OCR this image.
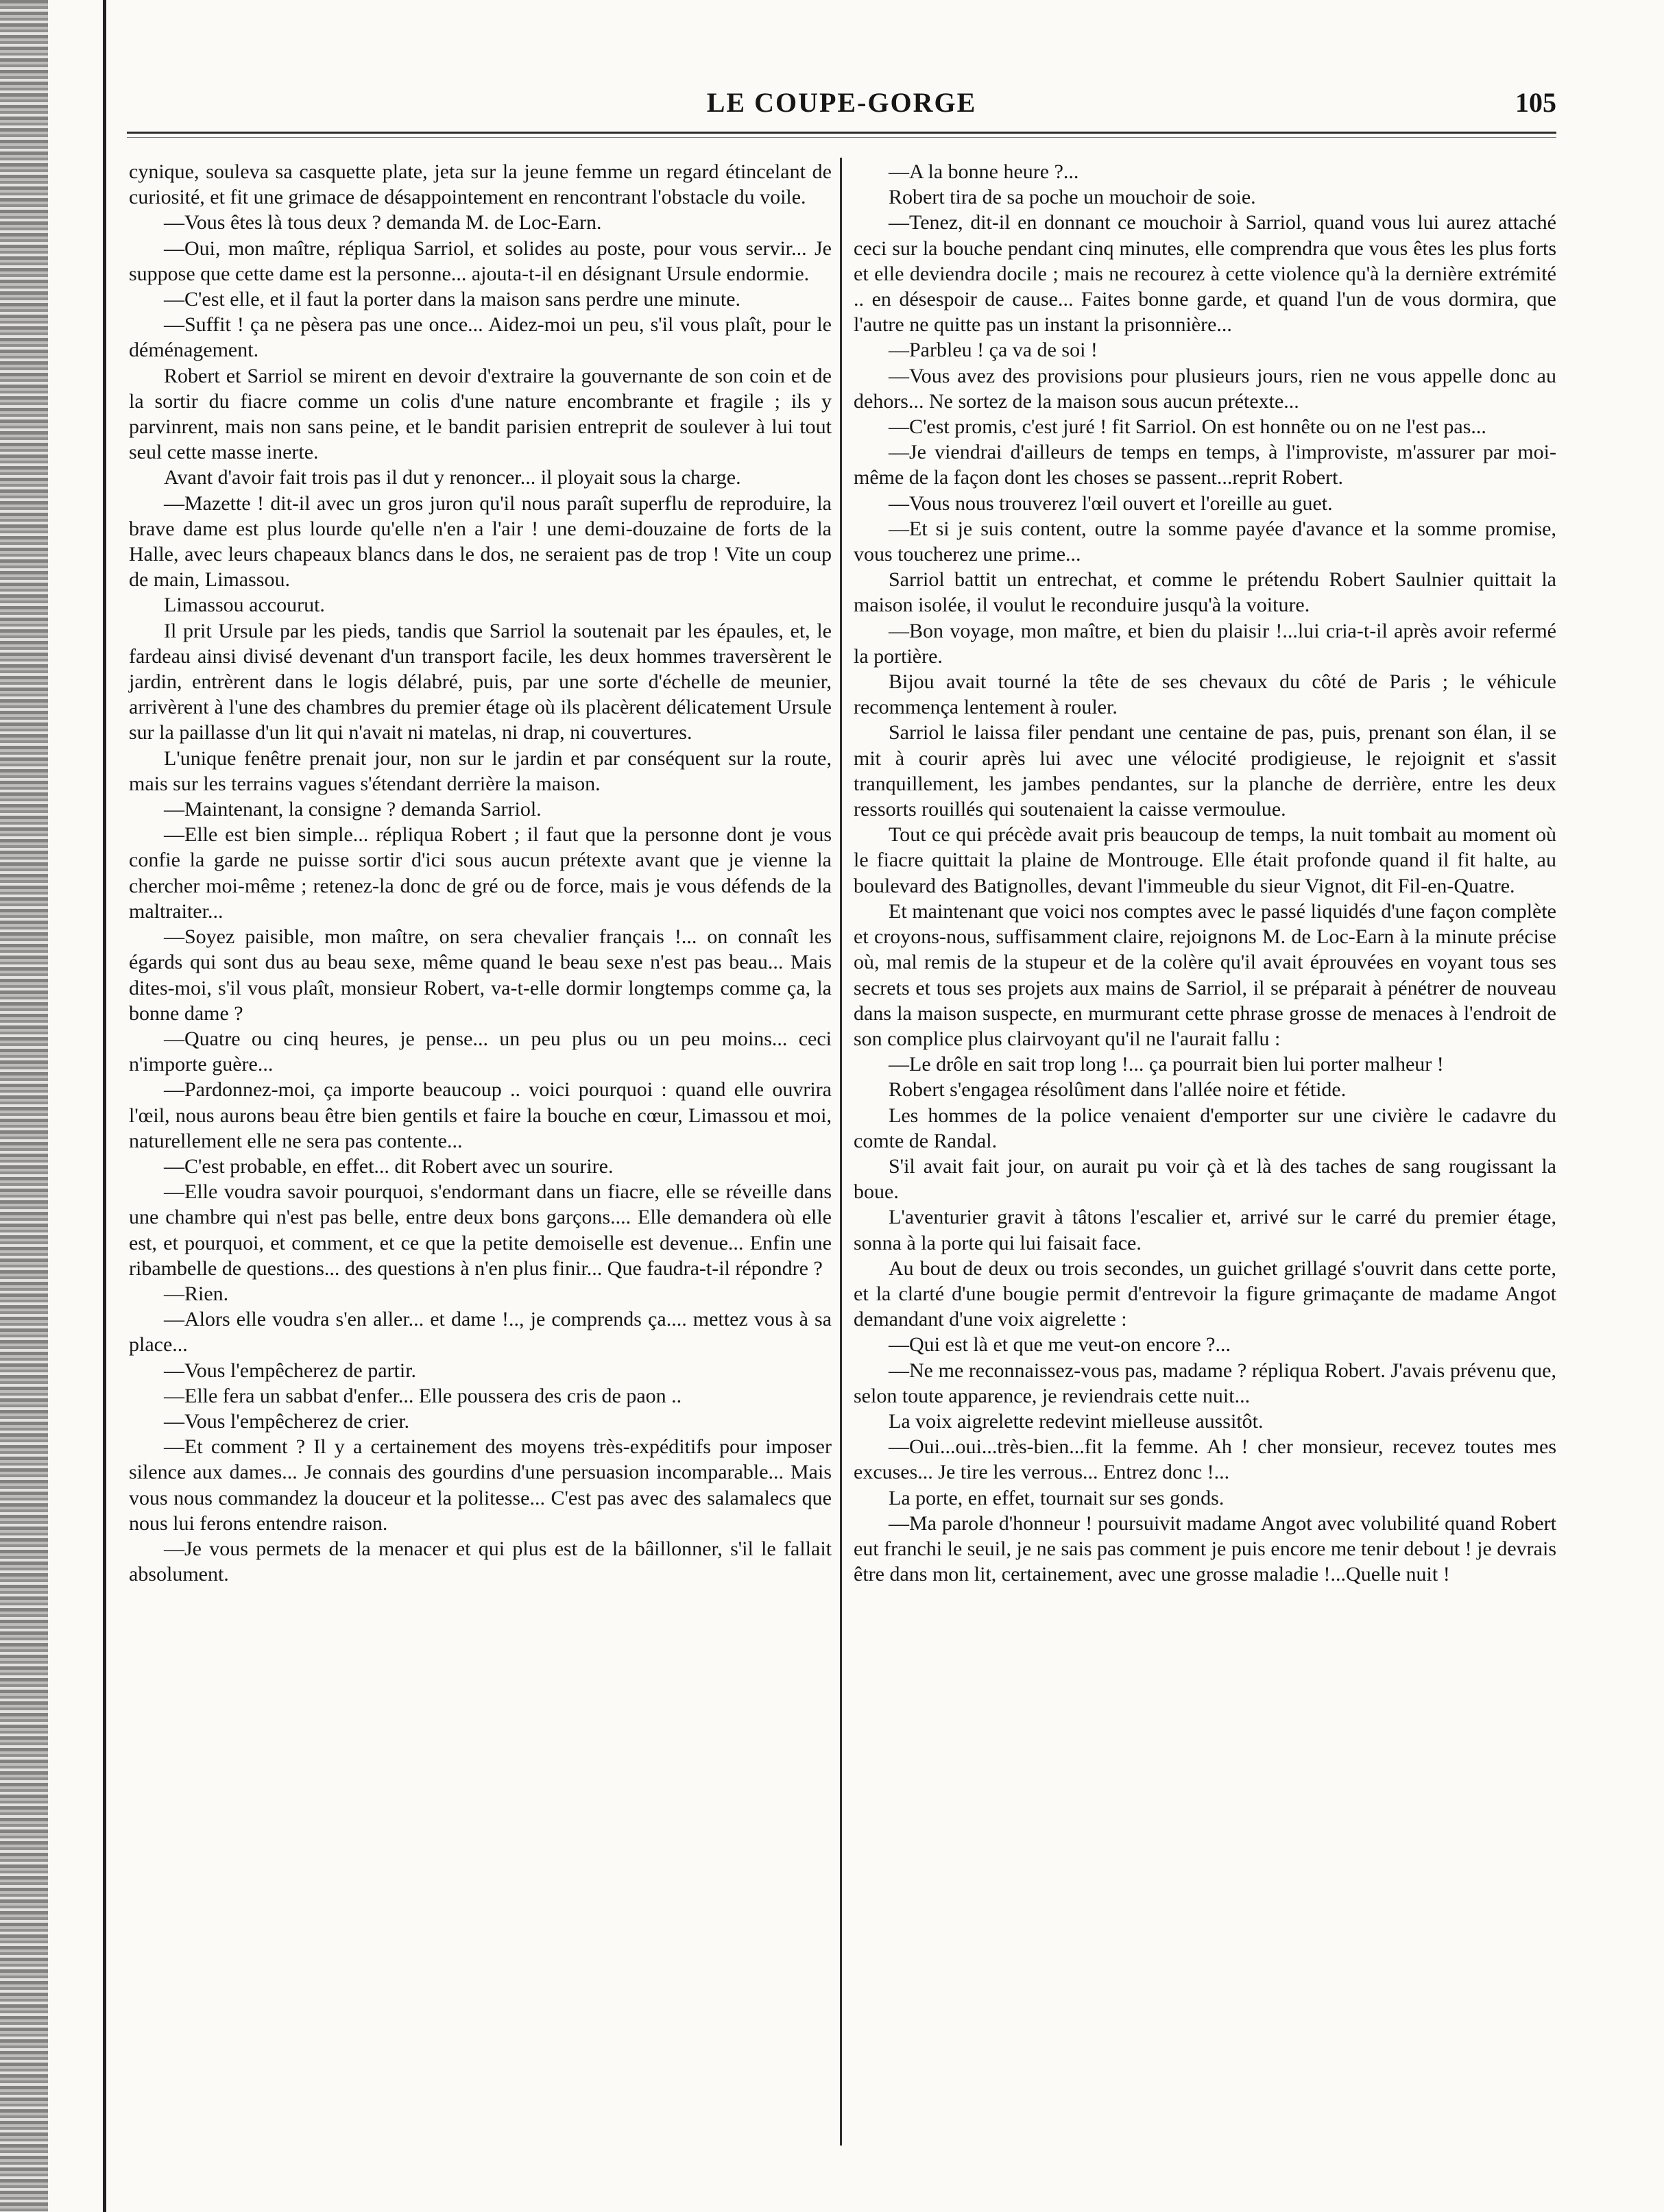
LE COUPE-GORGE	105

cynique, souleva sa casquette plate, jeta sur la jeune femme un regard étincelant de curiosité, et fit une grimace de désappointement en rencontrant l'obstacle du voile.

—Vous êtes là tous deux ? demanda M. de Loc-Earn.

—Oui, mon maître, répliqua Sarriol, et solides au poste, pour vous servir... Je suppose que cette dame est la personne... ajouta-t-il en désignant Ursule endormie.

—C'est elle, et il faut la porter dans la maison sans perdre une minute.

—Suffit ! ça ne pèsera pas une once... Aidez-moi un peu, s'il vous plaît, pour le déménagement.

Robert et Sarriol se mirent en devoir d'extraire la gouvernante de son coin et de la sortir du fiacre comme un colis d'une nature encombrante et fragile ; ils y parvinrent, mais non sans peine, et le bandit parisien entreprit de soulever à lui tout seul cette masse inerte.

Avant d'avoir fait trois pas il dut y renoncer... il ployait sous la charge.

—Mazette ! dit-il avec un gros juron qu'il nous paraît superflu de reproduire, la brave dame est plus lourde qu'elle n'en a l'air ! une demi-douzaine de forts de la Halle, avec leurs chapeaux blancs dans le dos, ne seraient pas de trop ! Vite un coup de main, Limassou.

Limassou accourut.

Il prit Ursule par les pieds, tandis que Sarriol la soutenait par les épaules, et, le fardeau ainsi divisé devenant d'un transport facile, les deux hommes traversèrent le jardin, entrèrent dans le logis délabré, puis, par une sorte d'échelle de meunier, arrivèrent à l'une des chambres du premier étage où ils placèrent délicatement Ursule sur la paillasse d'un lit qui n'avait ni matelas, ni drap, ni couvertures.

L'unique fenêtre prenait jour, non sur le jardin et par conséquent sur la route, mais sur les terrains vagues s'étendant derrière la maison.

—Maintenant, la consigne ? demanda Sarriol.

—Elle est bien simple... répliqua Robert ; il faut que la personne dont je vous confie la garde ne puisse sortir d'ici sous aucun prétexte avant que je vienne la chercher moi-même ; retenez-la donc de gré ou de force, mais je vous défends de la maltraiter...

—Soyez paisible, mon maître, on sera chevalier français !... on connaît les égards qui sont dus au beau sexe, même quand le beau sexe n'est pas beau... Mais dites-moi, s'il vous plaît, monsieur Robert, va-t-elle dormir longtemps comme ça, la bonne dame ?

—Quatre ou cinq heures, je pense... un peu plus ou un peu moins... ceci n'importe guère...

—Pardonnez-moi, ça importe beaucoup .. voici pourquoi : quand elle ouvrira l'œil, nous aurons beau être bien gentils et faire la bouche en cœur, Limassou et moi, naturellement elle ne sera pas contente...

—C'est probable, en effet... dit Robert avec un sourire.

—Elle voudra savoir pourquoi, s'endormant dans un fiacre, elle se réveille dans une chambre qui n'est pas belle, entre deux bons garçons.... Elle demandera où elle est, et pourquoi, et comment, et ce que la petite demoiselle est devenue... Enfin une ribambelle de questions... des questions à n'en plus finir... Que faudra-t-il répondre ?

—Rien.

—Alors elle voudra s'en aller... et dame !.., je comprends ça.... mettez vous à sa place...

—Vous l'empêcherez de partir.

—Elle fera un sabbat d'enfer... Elle poussera des cris de paon ..

—Vous l'empêcherez de crier.

—Et comment ? Il y a certainement des moyens très-expéditifs pour imposer silence aux dames... Je connais des gourdins d'une persuasion incomparable... Mais vous nous commandez la douceur et la politesse... C'est pas avec des salamalecs que nous lui ferons entendre raison.

—Je vous permets de la menacer et qui plus est de la bâillonner, s'il le fallait absolument.

—A la bonne heure ?...

Robert tira de sa poche un mouchoir de soie.

—Tenez, dit-il en donnant ce mouchoir à Sarriol, quand vous lui aurez attaché ceci sur la bouche pendant cinq minutes, elle comprendra que vous êtes les plus forts et elle deviendra docile ; mais ne recourez à cette violence qu'à la dernière extrémité .. en désespoir de cause... Faites bonne garde, et quand l'un de vous dormira, que l'autre ne quitte pas un instant la prisonnière...

—Parbleu ! ça va de soi !

—Vous avez des provisions pour plusieurs jours, rien ne vous appelle donc au dehors... Ne sortez de la maison sous aucun prétexte...

—C'est promis, c'est juré ! fit Sarriol. On est honnête ou on ne l'est pas...

—Je viendrai d'ailleurs de temps en temps, à l'improviste, m'assurer par moi-même de la façon dont les choses se passent...reprit Robert.

—Vous nous trouverez l'œil ouvert et l'oreille au guet.

—Et si je suis content, outre la somme payée d'avance et la somme promise, vous toucherez une prime...

Sarriol battit un entrechat, et comme le prétendu Robert Saulnier quittait la maison isolée, il voulut le reconduire jusqu'à la voiture.

—Bon voyage, mon maître, et bien du plaisir !...lui cria-t-il après avoir refermé la portière.

Bijou avait tourné la tête de ses chevaux du côté de Paris ; le véhicule recommença lentement à rouler.

Sarriol le laissa filer pendant une centaine de pas, puis, prenant son élan, il se mit à courir après lui avec une vélocité prodigieuse, le rejoignit et s'assit tranquillement, les jambes pendantes, sur la planche de derrière, entre les deux ressorts rouillés qui soutenaient la caisse vermoulue.

Tout ce qui précède avait pris beaucoup de temps, la nuit tombait au moment où le fiacre quittait la plaine de Montrouge. Elle était profonde quand il fit halte, au boulevard des Batignolles, devant l'immeuble du sieur Vignot, dit Fil-en-Quatre.

Et maintenant que voici nos comptes avec le passé liquidés d'une façon complète et croyons-nous, suffisamment claire, rejoignons M. de Loc-Earn à la minute précise où, mal remis de la stupeur et de la colère qu'il avait éprouvées en voyant tous ses secrets et tous ses projets aux mains de Sarriol, il se préparait à pénétrer de nouveau dans la maison suspecte, en murmurant cette phrase grosse de menaces à l'endroit de son complice plus clairvoyant qu'il ne l'aurait fallu :

—Le drôle en sait trop long !... ça pourrait bien lui porter malheur !

Robert s'engagea résolûment dans l'allée noire et fétide.

Les hommes de la police venaient d'emporter sur une civière le cadavre du comte de Randal.

S'il avait fait jour, on aurait pu voir çà et là des taches de sang rougissant la boue.

L'aventurier gravit à tâtons l'escalier et, arrivé sur le carré du premier étage, sonna à la porte qui lui faisait face.

Au bout de deux ou trois secondes, un guichet grillagé s'ouvrit dans cette porte, et la clarté d'une bougie permit d'entrevoir la figure grimaçante de madame Angot demandant d'une voix aigrelette :

—Qui est là et que me veut-on encore ?...

—Ne me reconnaissez-vous pas, madame ? répliqua Robert. J'avais prévenu que, selon toute apparence, je reviendrais cette nuit...

La voix aigrelette redevint mielleuse aussitôt.

—Oui...oui...très-bien...fit la femme. Ah ! cher monsieur, recevez toutes mes excuses... Je tire les verrous... Entrez donc !...

La porte, en effet, tournait sur ses gonds.

—Ma parole d'honneur ! poursuivit madame Angot avec volubilité quand Robert eut franchi le seuil, je ne sais pas comment je puis encore me tenir debout ! je devrais être dans mon lit, certainement, avec une grosse maladie !...Quelle nuit !
